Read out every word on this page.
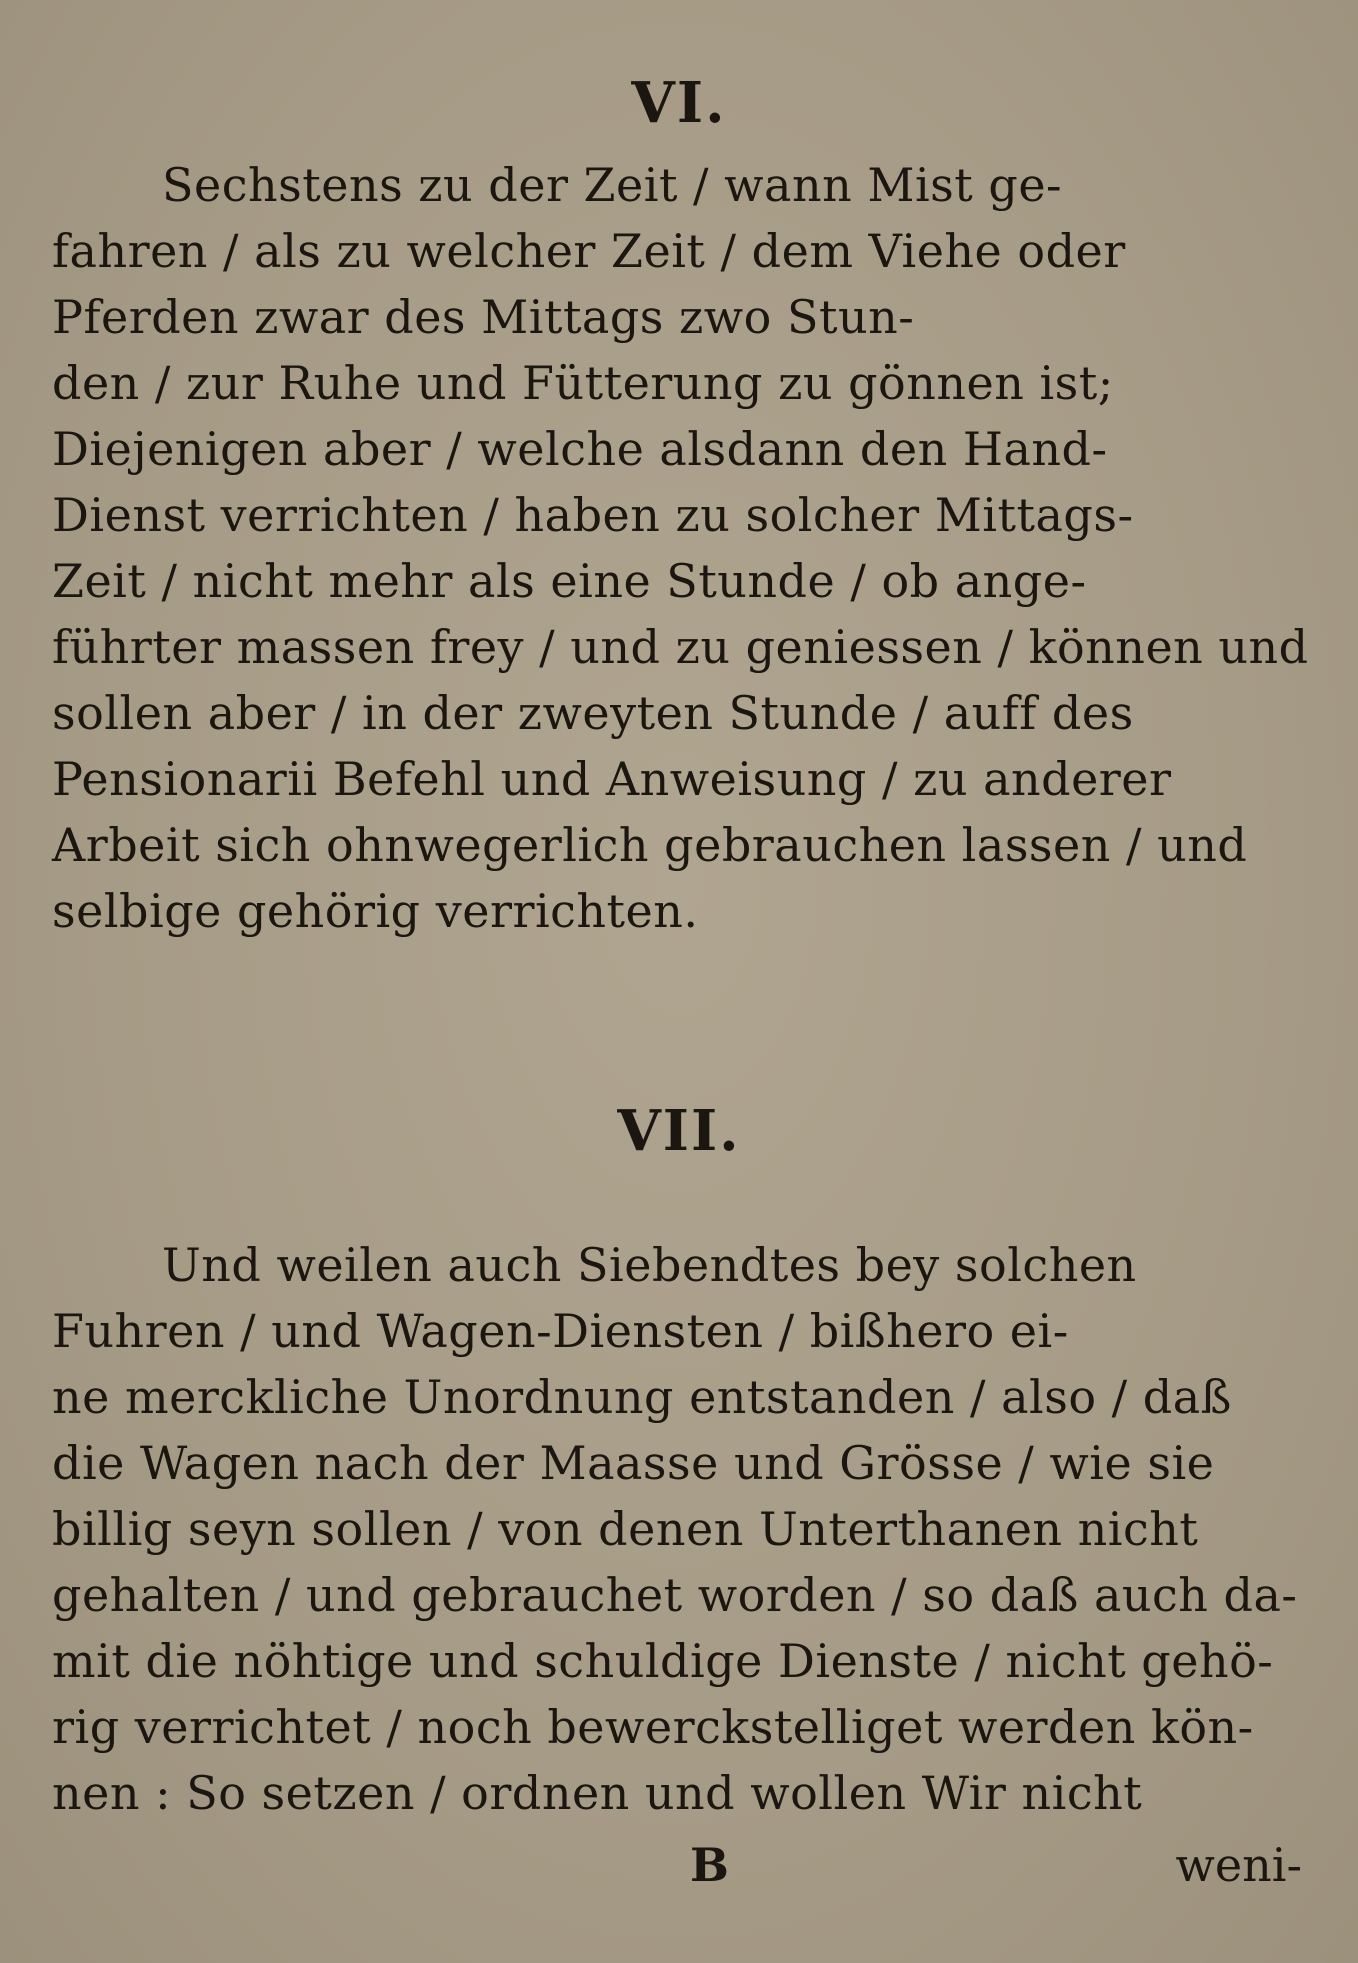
VI.
Sechstens zu der Zeit / wann Mist ge-
fahren / als zu welcher Zeit / dem Viehe oder
Pferden zwar des Mittags zwo Stun-
den / zur Ruhe und Fütterung zu gönnen ist;
Diejenigen aber / welche alsdann den Hand-
Dienst verrichten / haben zu solcher Mittags-
Zeit / nicht mehr als eine Stunde / ob ange-
führter massen frey / und zu geniessen / können und
sollen aber / in der zweyten Stunde / auff des
Pensionarii Befehl und Anweisung / zu anderer
Arbeit sich ohnwegerlich gebrauchen lassen / und
selbige gehörig verrichten.
VII.
Und weilen auch Siebendtes bey solchen
Fuhren / und Wagen-Diensten / bißhero ei-
ne merckliche Unordnung entstanden / also / daß
die Wagen nach der Maasse und Grösse / wie sie
billig seyn sollen / von denen Unterthanen nicht
gehalten / und gebrauchet worden / so daß auch da-
mit die nöhtige und schuldige Dienste / nicht gehö-
rig verrichtet / noch bewerckstelliget werden kön-
nen : So setzen / ordnen und wollen Wir nicht
B	weni-
